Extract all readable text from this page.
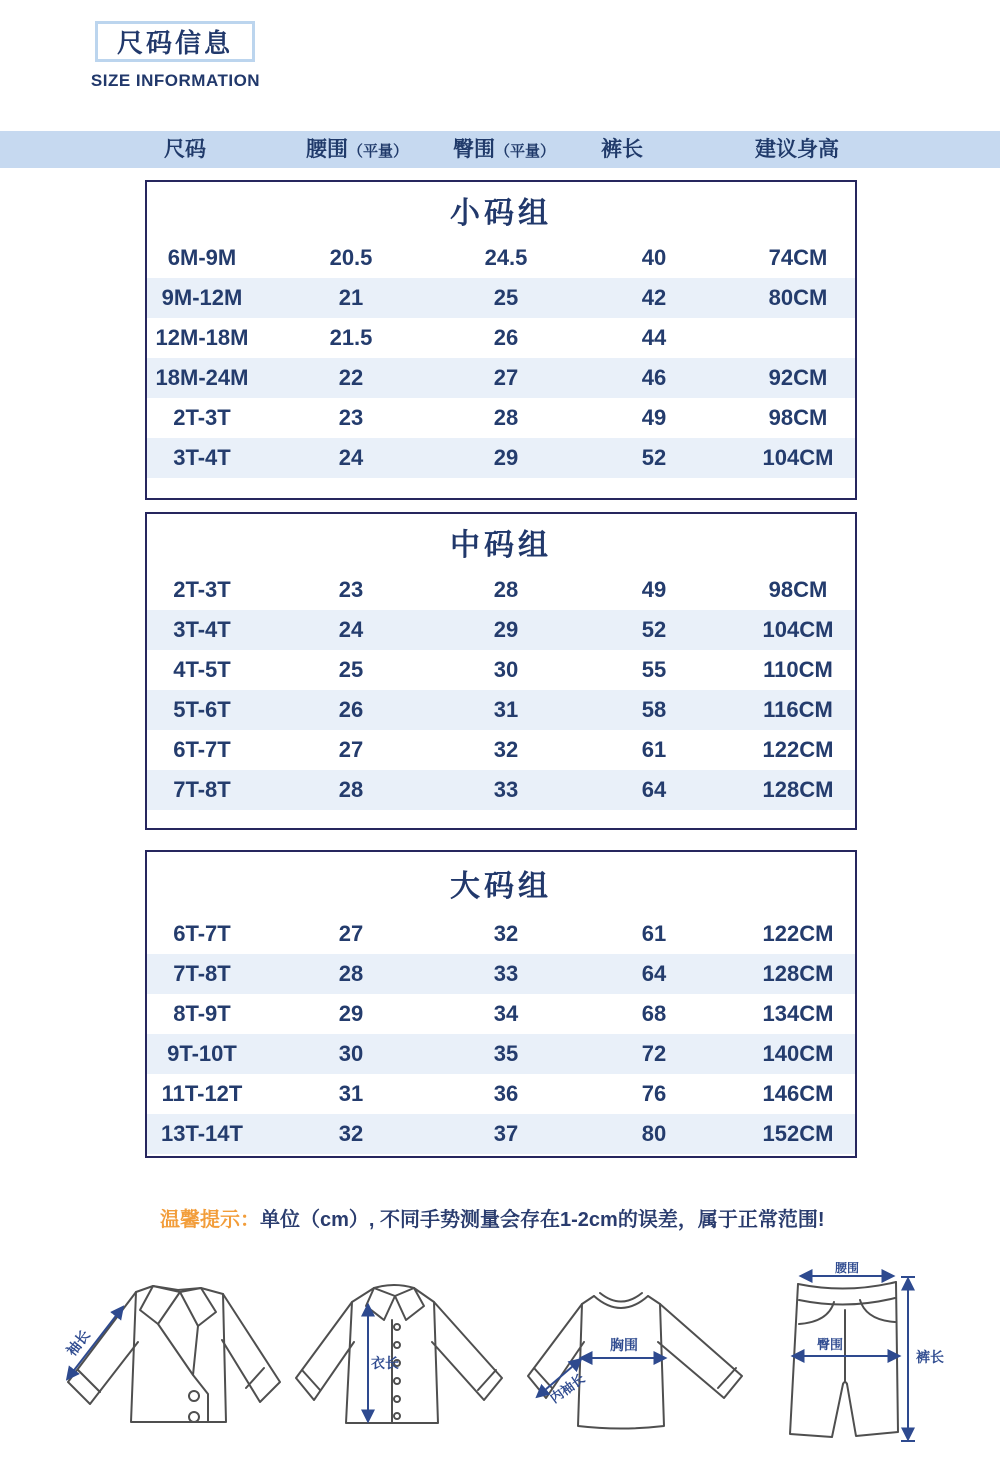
尺码信息
SIZE INFORMATION
尺码	腰围（平量） 臀围（平量） 裤长	建议身高
小码组
6M-9M	20.5	24.5	40	74CM
9M-12M	21	25	42	80CM
12M-18M	21.5	26	44
18M-24M	22	27	46	92CM
2T-3T	23	28	49	98CM
3T-4T	24	29	52	104CM
中码组
2T-3T	23	28	49	98CM
3T-4T	24	29	52	104CM
4T-5T	25	30	55	110CM
5T-6T	26	31	58	116CM
6T-7T	27	32	61	122CM
7T-8T	28	33	64	128CM
大码组
6T-7T	27	32	61	122CM
7T-8T	28	33	64	128CM
8T-9T	29	34	68	134CM
9T-10T	30	35	72	140CM
11T-12T	31	36	76	146CM
13T-14T	32	37	80	152CM
温馨提示：单位（cm）, 不同手势测量会存在1-2cm的误差，属于正常范围!
袖长
衣长
胸围
内袖长
腰围
臀围
裤长
